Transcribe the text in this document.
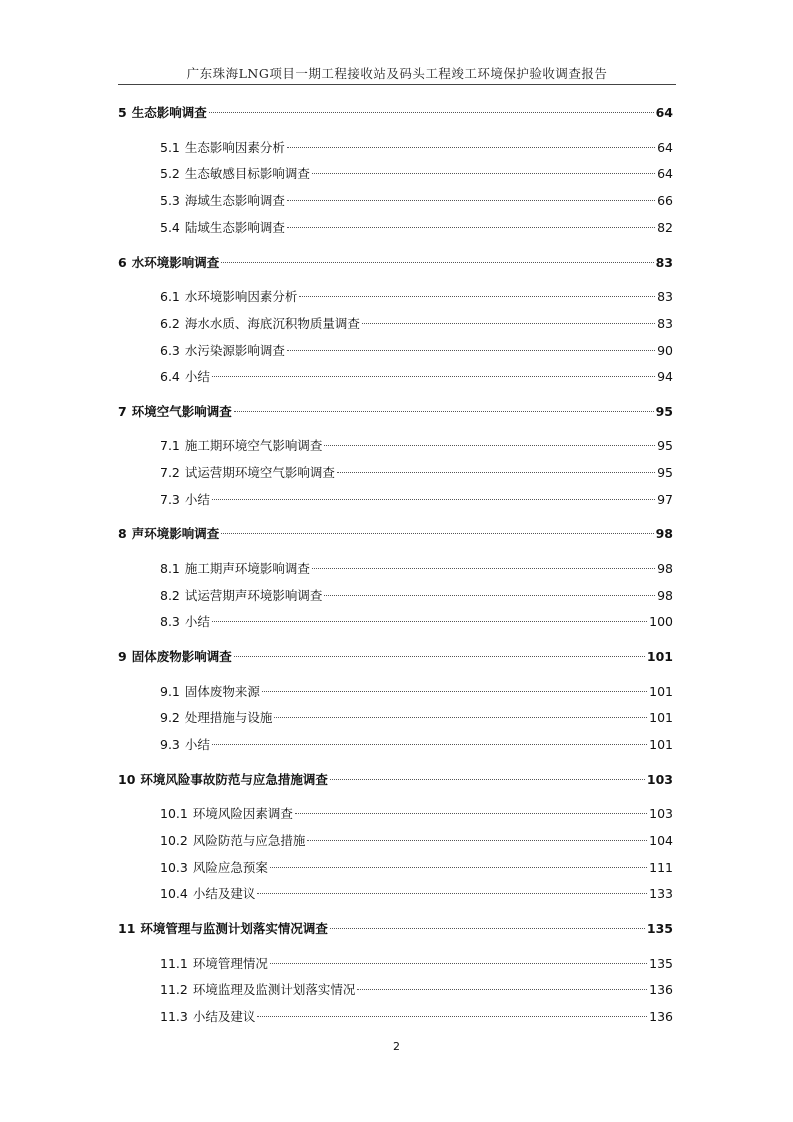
广东珠海LNG项目一期工程接收站及码头工程竣工环境保护验收调查报告
5 生态影响调查	64
5.1 生态影响因素分析	64
5.2 生态敏感目标影响调查	64
5.3 海域生态影响调查	66
5.4 陆域生态影响调查	82
6 水环境影响调查	83
6.1 水环境影响因素分析	83
6.2 海水水质、海底沉积物质量调查	83
6.3 水污染源影响调查	90
6.4 小结	94
7 环境空气影响调查	95
7.1 施工期环境空气影响调查	95
7.2 试运营期环境空气影响调查	95
7.3 小结	97
8 声环境影响调查	98
8.1 施工期声环境影响调查	98
8.2 试运营期声环境影响调查	98
8.3 小结	100
9 固体废物影响调查	101
9.1 固体废物来源	101
9.2 处理措施与设施	101
9.3 小结	101
10 环境风险事故防范与应急措施调查	103
10.1 环境风险因素调查	103
10.2 风险防范与应急措施	104
10.3 风险应急预案	111
10.4 小结及建议	133
11 环境管理与监测计划落实情况调查	135
11.1 环境管理情况	135
11.2 环境监理及监测计划落实情况	136
11.3 小结及建议	136
2
